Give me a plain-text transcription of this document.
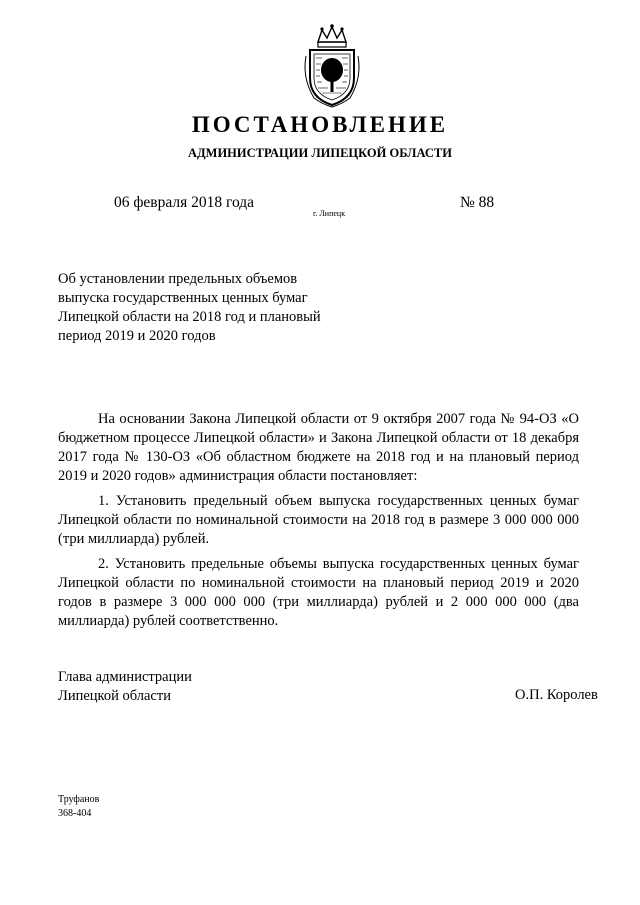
ПОСТАНОВЛЕНИЕ
АДМИНИСТРАЦИИ ЛИПЕЦКОЙ ОБЛАСТИ
06 февраля 2018 года
г. Липецк
№ 88
Об установлении предельных объемов
выпуска государственных ценных бумаг
Липецкой области на 2018 год и плановый
период 2019 и 2020 годов

На основании Закона Липецкой области от 9 октября 2007 года № 94-ОЗ «О бюджетном процессе Липецкой области» и Закона Липецкой области от 18 декабря 2017 года № 130-ОЗ «Об областном бюджете на 2018 год и на плановый период 2019 и 2020 годов» администрация области постановляет:

1. Установить предельный объем выпуска государственных ценных бумаг Липецкой области по номинальной стоимости на 2018 год в размере 3 000 000 000 (три миллиарда) рублей.

2. Установить предельные объемы выпуска государственных ценных бумаг Липецкой области по номинальной стоимости на плановый период 2019 и 2020 годов в размере 3 000 000 000 (три миллиарда) рублей и 2 000 000 000 (два миллиарда) рублей соответственно.

Глава администрации
Липецкой области	О.П. Королев
Труфанов
368-404
